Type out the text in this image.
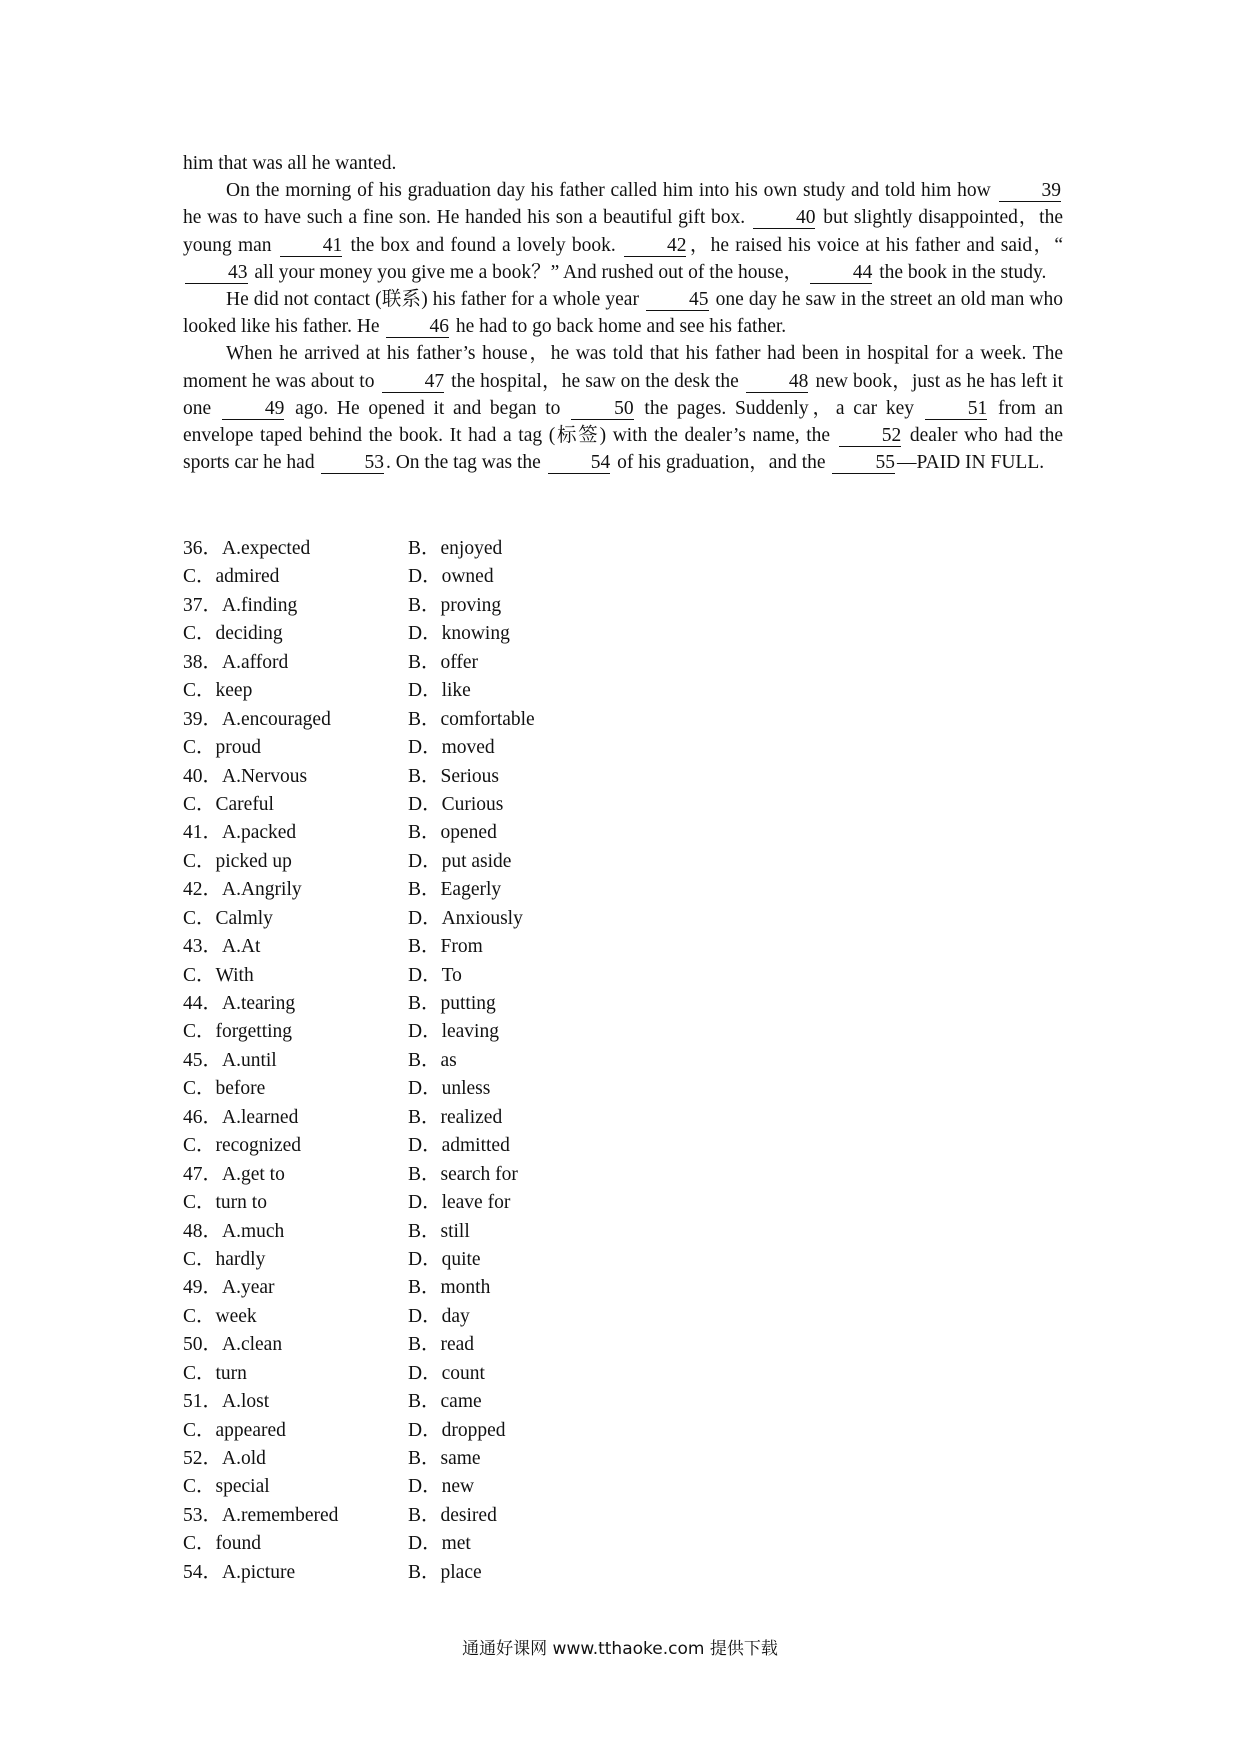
him that was all he wanted.

On the morning of his graduation day his father called him into his own study and told him how	39 he was to have such a fine son. He handed his son a beautiful gift box.	40 but slightly disappointed，the young man	41 the box and found a lovely book.	42 ，he raised his voice at his father and said，“43 all your money you give me a book？” And rushed out of the house，	44 the book in the study.

He did not contact (联系) his father for a whole year	45 one day he saw in the street an old man who looked like his father. He	46 he had to go back home and see his father.

When he arrived at his father’s house，he was told that his father had been in hospital for a week. The moment he was about to	47 the hospital，he saw on the desk the	48 new book，just as he has left it one	49 ago. He opened it and began to	50 the pages. Suddenly，a car key	51 from an envelope taped behind the book. It had a tag (标签) with the dealer’s name, the	52 dealer who had the sports car he had	53 . On the tag was the	54 of his graduation，and the	55 —PAID IN FULL.

36．A.expected	B．enjoyed
C．admired	D．owned
37．A.finding	B．proving
C．deciding	D．knowing
38．A.afford	B．offer
C．keep	D．like
39．A.encouraged	B．comfortable
C．proud	D．moved
40．A.Nervous	B．Serious
C．Careful	D．Curious
41．A.packed	B．opened
C．picked up	D．put aside
42．A.Angrily	B．Eagerly
C．Calmly	D．Anxiously
43．A.At	B．From
C．With	D．To
44．A.tearing	B．putting
C．forgetting	D．leaving
45．A.until	B．as
C．before	D．unless
46．A.learned	B．realized
C．recognized	D．admitted
47．A.get to	B．search for
C．turn to	D．leave for
48．A.much	B．still
C．hardly	D．quite
49．A.year	B．month
C．week	D．day
50．A.clean	B．read
C．turn	D．count
51．A.lost	B．came
C．appeared	D．dropped
52．A.old	B．same
C．special	D．new
53．A.remembered	B．desired
C．found	D．met
54．A.picture	B．place
通通好课网 www.tthaoke.com 提供下载
